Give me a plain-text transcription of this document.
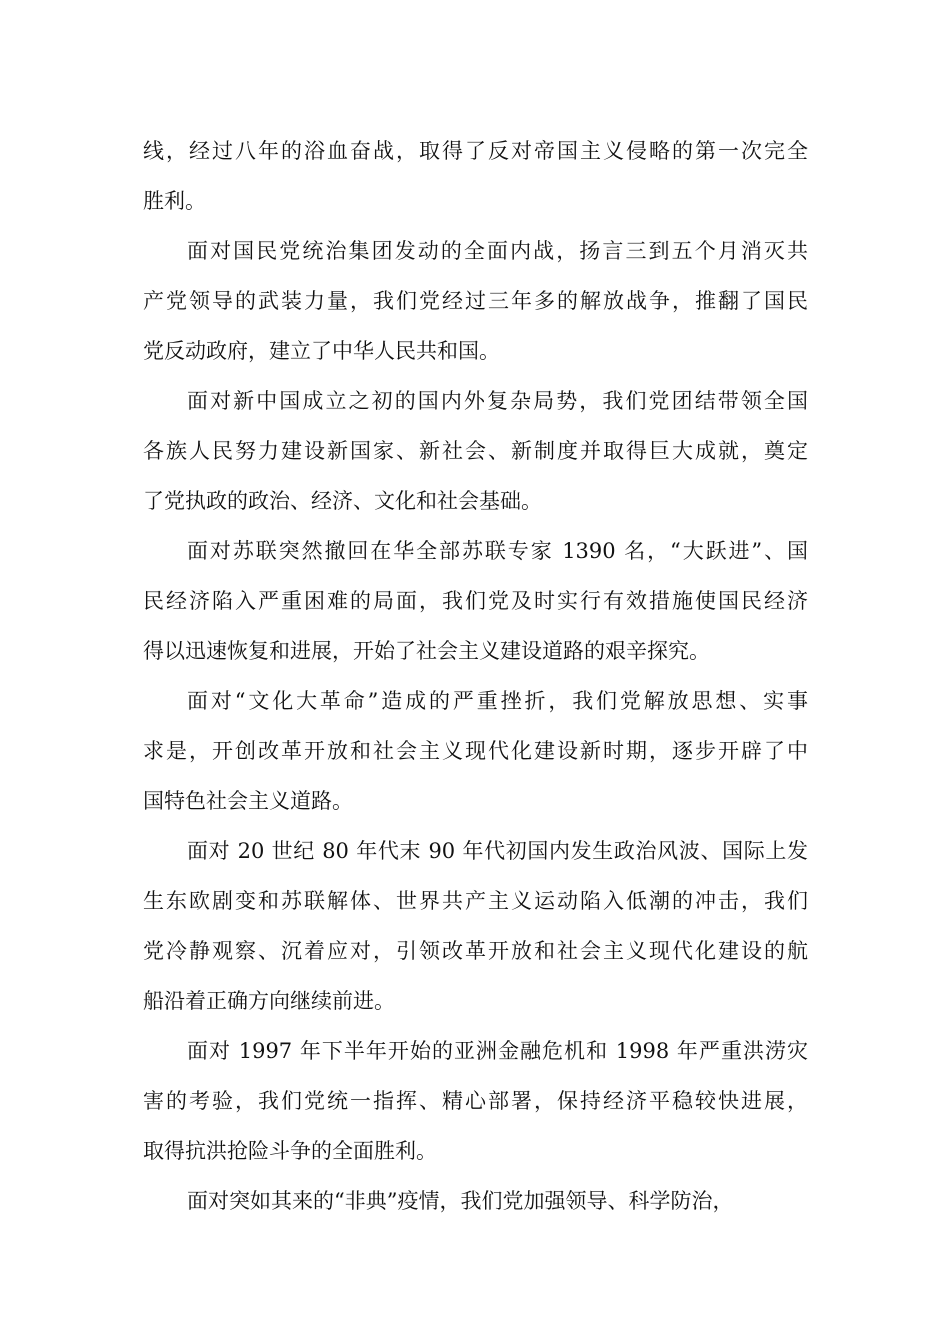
线，经过八年的浴血奋战，取得了反对帝国主义侵略的第一次完全
胜利。
面对国民党统治集团发动的全面内战，扬言三到五个月消灭共
产党领导的武装力量，我们党经过三年多的解放战争，推翻了国民
党反动政府，建立了中华人民共和国。
面对新中国成立之初的国内外复杂局势，我们党团结带领全国
各族人民努力建设新国家、新社会、新制度并取得巨大成就，奠定
了党执政的政治、经济、文化和社会基础。
面对苏联突然撤回在华全部苏联专家 1390 名，“大跃进”、国
民经济陷入严重困难的局面，我们党及时实行有效措施使国民经济
得以迅速恢复和进展，开始了社会主义建设道路的艰辛探究。
面对“文化大革命”造成的严重挫折，我们党解放思想、实事
求是，开创改革开放和社会主义现代化建设新时期，逐步开辟了中
国特色社会主义道路。
面对 20 世纪 80 年代末 90 年代初国内发生政治风波、国际上发
生东欧剧变和苏联解体、世界共产主义运动陷入低潮的冲击，我们
党冷静观察、沉着应对，引领改革开放和社会主义现代化建设的航
船沿着正确方向继续前进。
面对 1997 年下半年开始的亚洲金融危机和 1998 年严重洪涝灾
害的考验，我们党统一指挥、精心部署，保持经济平稳较快进展，
取得抗洪抢险斗争的全面胜利。
面对突如其来的“非典”疫情，我们党加强领导、科学防治，
